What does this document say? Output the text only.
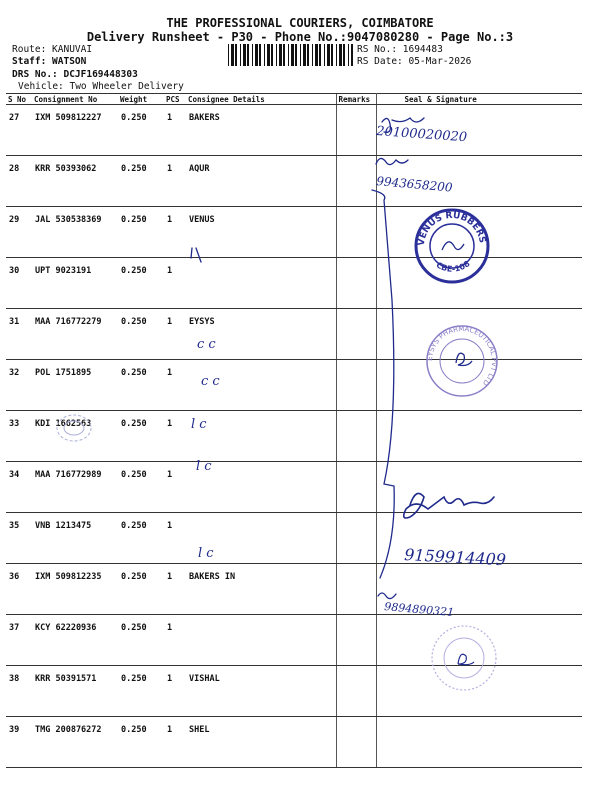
THE PROFESSIONAL COURIERS, COIMBATORE
Delivery Runsheet - P30 - Phone No.:9047080280 - Page No.:3
Route: KANUVAI
Staff: WATSON
DRS No.: DCJF169448303
Vehicle: Two Wheeler Delivery
RS No.: 1694483
RS Date: 05-Mar-2026
S No	Consignment No	Weight	PCS	Consignee Details	Remarks	Seal & Signature
27	IXM 509812227	0.250	1	BAKERS		
28	KRR 50393062	0.250	1	AQUR		
29	JAL 530538369	0.250	1	VENUS		
30	UPT 9023191	0.250	1			
31	MAA 716772279	0.250	1	EYSYS		
32	POL 1751895	0.250	1			
33	KDI 1662563	0.250	1			
34	MAA 716772989	0.250	1			
35	VNB 1213475	0.250	1			
36	IXM 509812235	0.250	1	BAKERS IN		
37	KCY 62220936	0.250	1			
38	KRR 50391571	0.250	1	VISHAL		
39	TMG 200876272	0.250	1	SHEL		
20100020020
9943658200
c c
c c
l c
l c
l c	9159914409
9894890321
VENUS RUBBERS
CBE-108
EYSYS PHARMACEUTICAL PVT LTD
